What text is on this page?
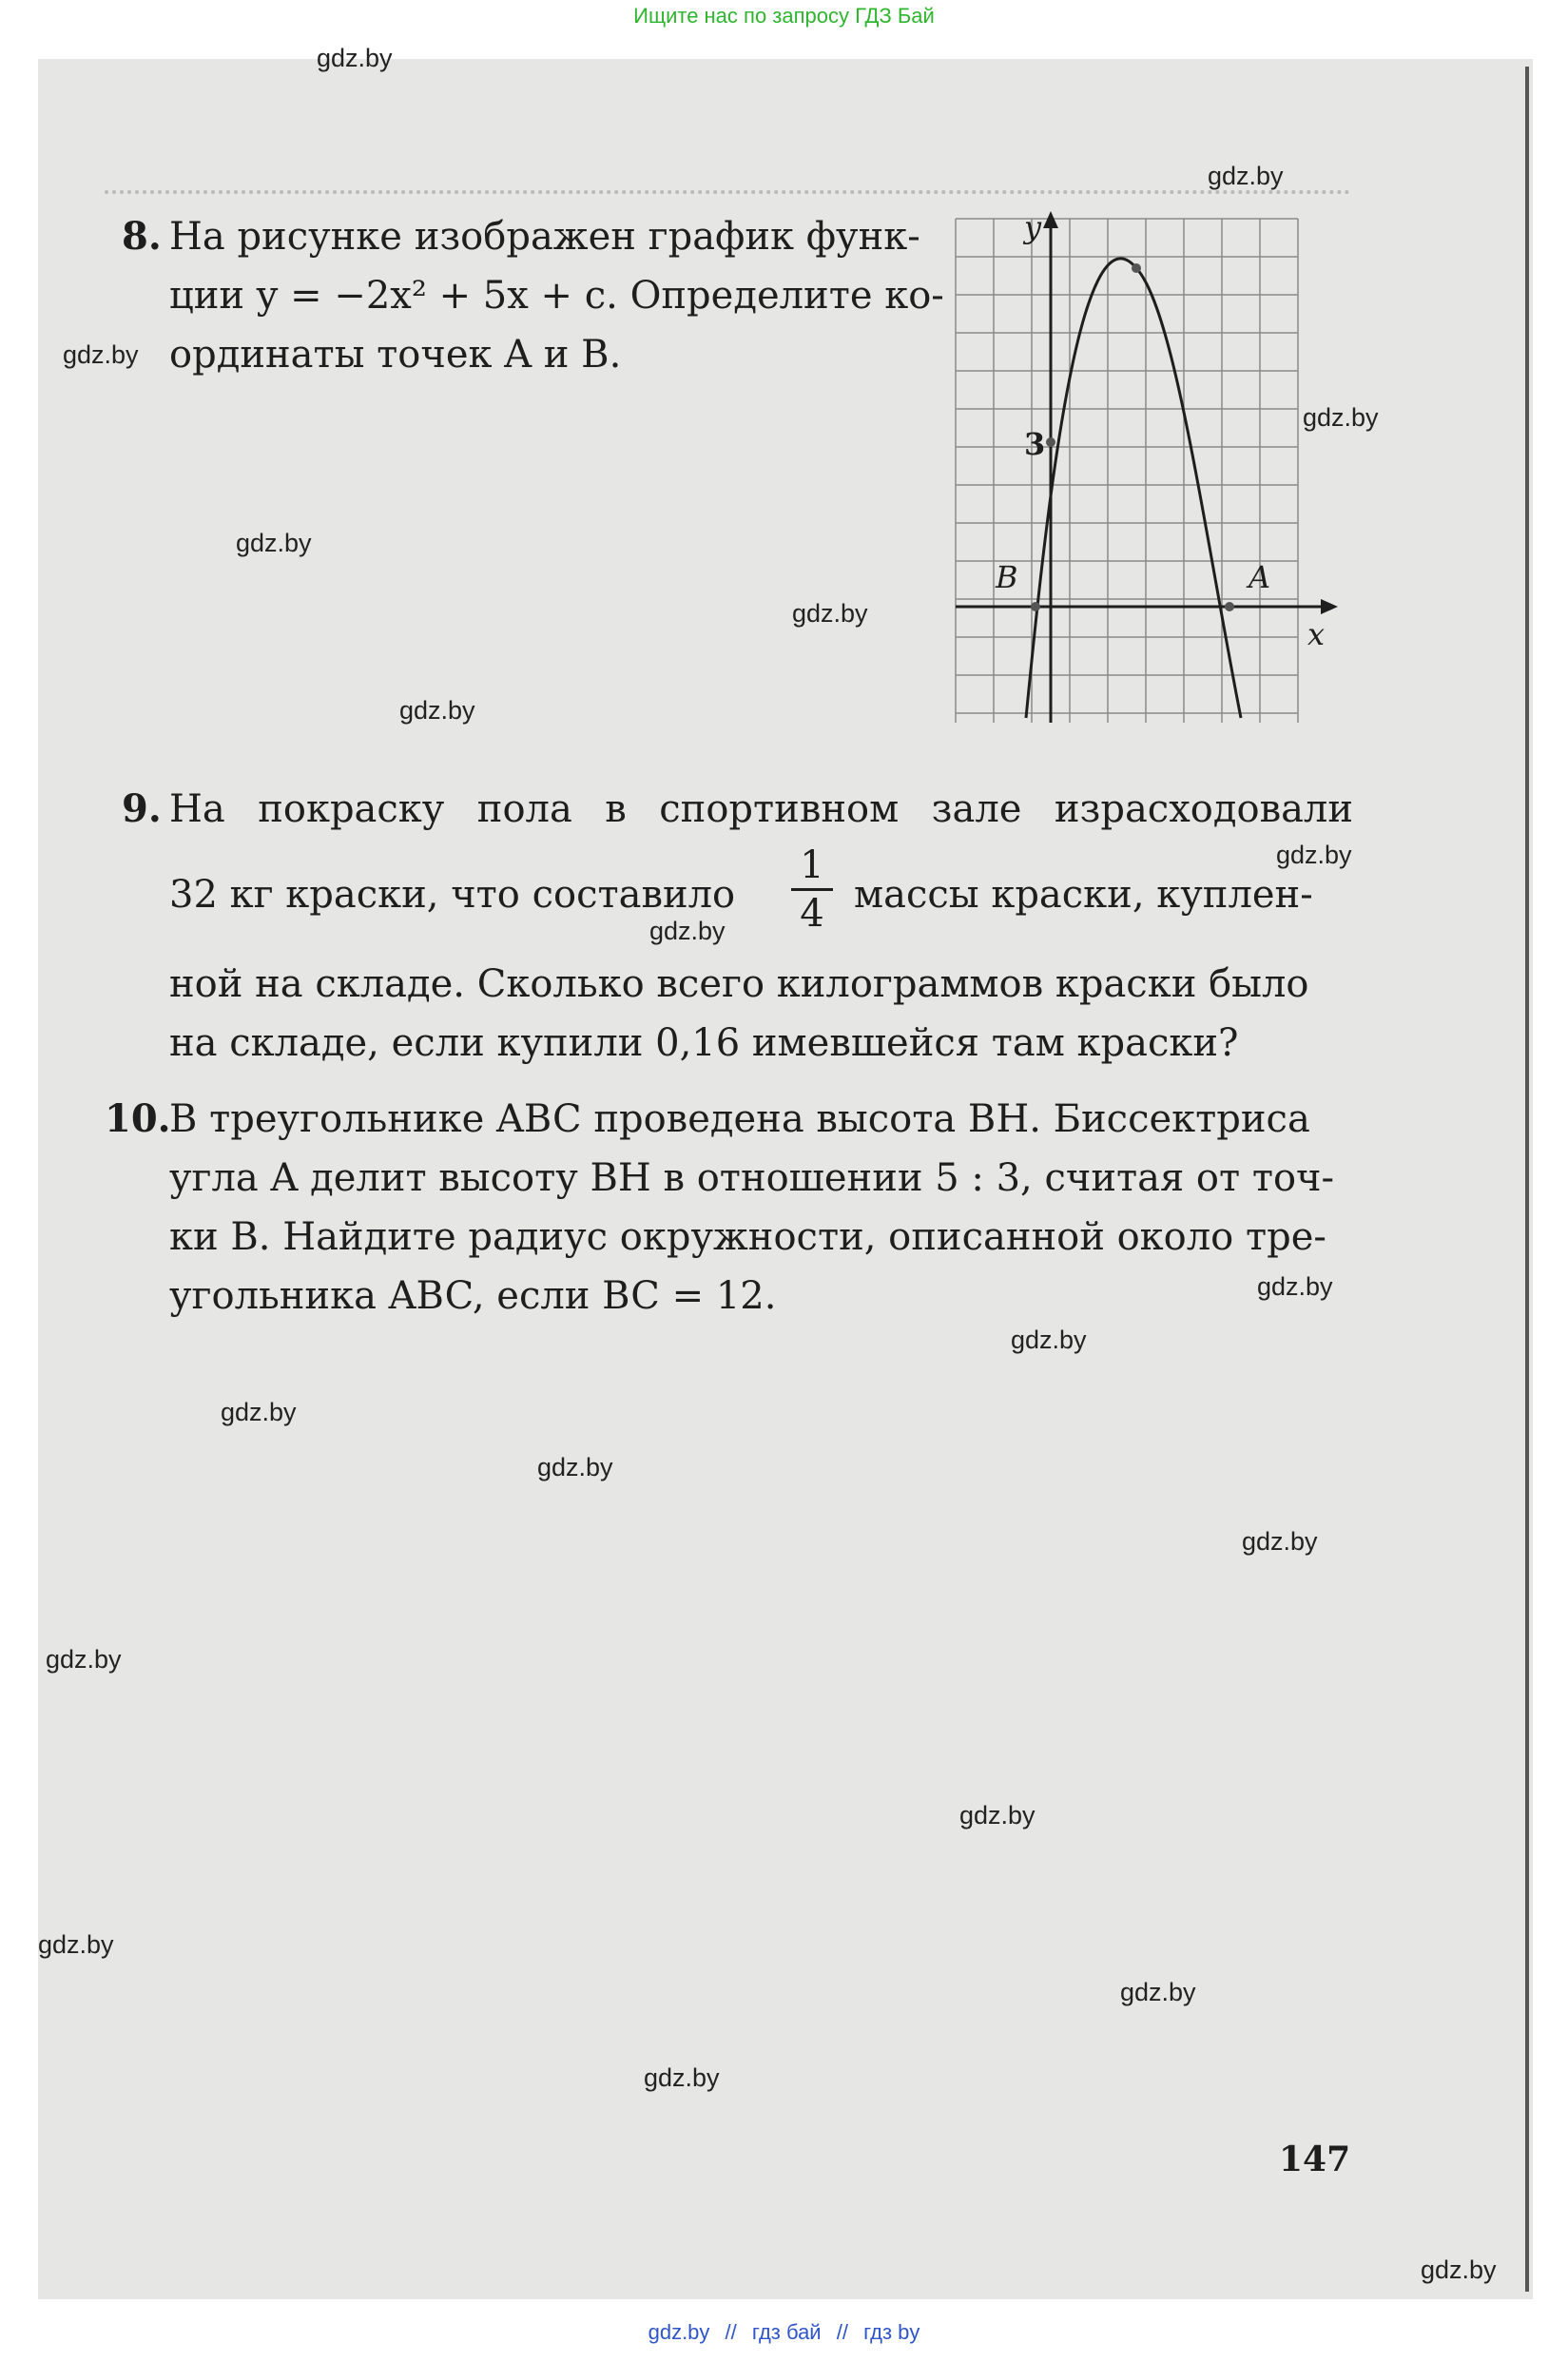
Ищите нас по запросу ГДЗ Бай
8. На рисунке изображен график функ-
ции y = −2x² + 5x + c. Определите ко-
ординаты точек A и B.
y
x
3
B	A
9. На покраску пола в спортивном зале израсходовали
32 кг краски, что составило
1
4 массы краски, куплен-
ной на складе. Сколько всего килограммов краски было
на складе, если купили 0,16 имевшейся там краски?
10.
В треугольнике ABC проведена высота BH. Биссектриса
угла A делит высоту BH в отношении 5 : 3, считая от точ-
ки B. Найдите радиус окружности, описанной около тре-
угольника ABC, если BC = 12.
147
gdz.by
gdz.by
gdz.by
gdz.by
gdz.by
gdz.by
gdz.by
gdz.by
gdz.by
gdz.by
gdz.by
gdz.by
gdz.by
gdz.by
gdz.by
gdz.by
gdz.by
gdz.by
gdz.by
gdz.by
gdz.by // гдз бай // гдз by
